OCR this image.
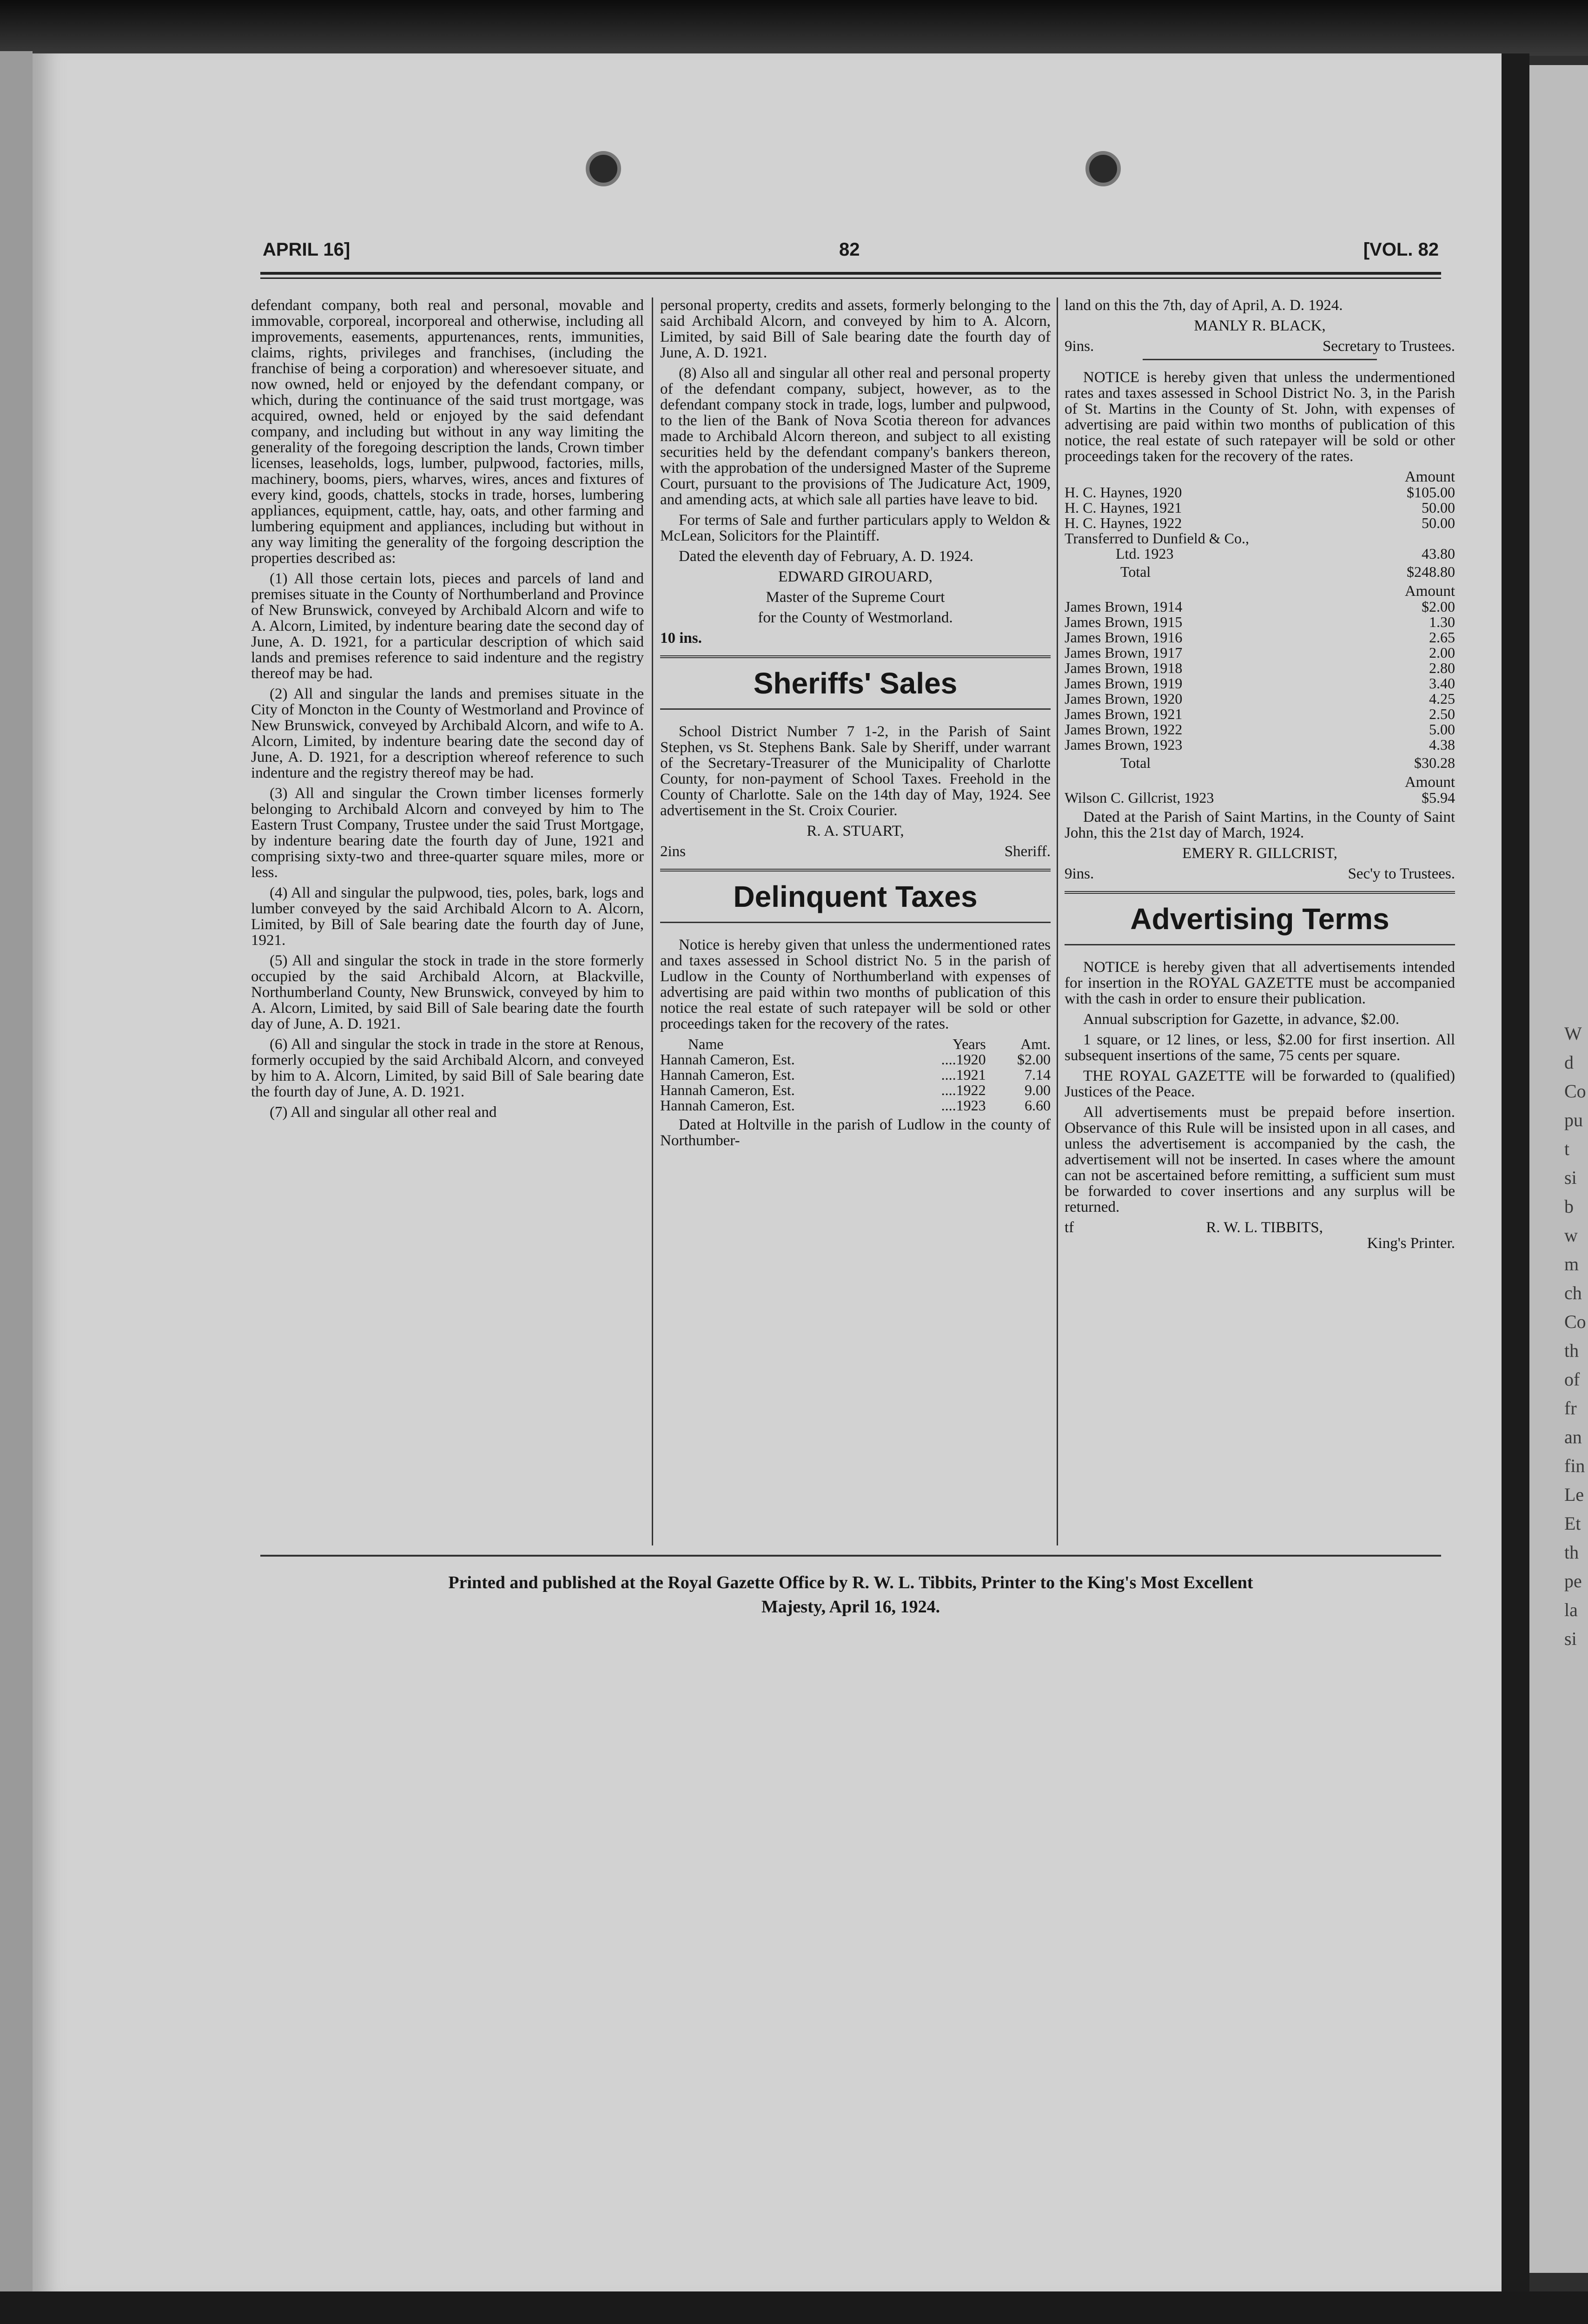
W
d
Co
pu
t
si
b
w
m
ch
Co
th
of
fr
an
fin
Le
Et
th
pe
la
si
APRIL 16]	82	[VOL. 82

defendant company, both real and personal, movable and immovable, corporeal, incorporeal and otherwise, including all improvements, easements, appurtenances, rents, immunities, claims, rights, privileges and franchises, (including the franchise of being a corporation) and wheresoever situate, and now owned, held or enjoyed by the defendant company, or which, during the continuance of the said trust mortgage, was acquired, owned, held or enjoyed by the said defendant company, and including but without in any way limiting the generality of the foregoing description the lands, Crown timber licenses, leaseholds, logs, lumber, pulpwood, factories, mills, machinery, booms, piers, wharves, wires, ances and fixtures of every kind, goods, chattels, stocks in trade, horses, lumbering appliances, equipment, cattle, hay, oats, and other farming and lumbering equipment and appliances, including but without in any way limiting the generality of the forgoing description the properties described as:

(1) All those certain lots, pieces and parcels of land and premises situate in the County of Northumberland and Province of New Brunswick, conveyed by Archibald Alcorn and wife to A. Alcorn, Limited, by indenture bearing date the second day of June, A. D. 1921, for a particular description of which said lands and premises reference to said indenture and the registry thereof may be had.

(2) All and singular the lands and premises situate in the City of Moncton in the County of Westmorland and Province of New Brunswick, conveyed by Archibald Alcorn, and wife to A. Alcorn, Limited, by indenture bearing date the second day of June, A. D. 1921, for a description whereof reference to such indenture and the registry thereof may be had.

(3) All and singular the Crown timber licenses formerly belonging to Archibald Alcorn and conveyed by him to The Eastern Trust Company, Trustee under the said Trust Mortgage, by indenture bearing date the fourth day of June, 1921 and comprising sixty-two and three-quarter square miles, more or less.

(4) All and singular the pulpwood, ties, poles, bark, logs and lumber conveyed by the said Archibald Alcorn to A. Alcorn, Limited, by Bill of Sale bearing date the fourth day of June, 1921.

(5) All and singular the stock in trade in the store formerly occupied by the said Archibald Alcorn, at Blackville, Northumberland County, New Brunswick, conveyed by him to A. Alcorn, Limited, by said Bill of Sale bearing date the fourth day of June, A. D. 1921.

(6) All and singular the stock in trade in the store at Renous, formerly occupied by the said Archibald Alcorn, and conveyed by him to A. Alcorn, Limited, by said Bill of Sale bearing date the fourth day of June, A. D. 1921.

(7) All and singular all other real and

personal property, credits and assets, formerly belonging to the said Archibald Alcorn, and conveyed by him to A. Alcorn, Limited, by said Bill of Sale bearing date the fourth day of June, A. D. 1921.

(8) Also all and singular all other real and personal property of the defendant company, subject, however, as to the defendant company stock in trade, logs, lumber and pulpwood, to the lien of the Bank of Nova Scotia thereon for advances made to Archibald Alcorn thereon, and subject to all existing securities held by the defendant company's bankers thereon, with the approbation of the undersigned Master of the Supreme Court, pursuant to the provisions of The Judicature Act, 1909, and amending acts, at which sale all parties have leave to bid.

For terms of Sale and further particulars apply to Weldon & McLean, Solicitors for the Plaintiff.

Dated the eleventh day of February, A. D. 1924.

EDWARD GIROUARD,

Master of the Supreme Court

for the County of Westmorland.

10 ins.

Sheriffs' Sales

School District Number 7 1-2, in the Parish of Saint Stephen, vs St. Stephens Bank. Sale by Sheriff, under warrant of the Secretary-Treasurer of the Municipality of Charlotte County, for non-payment of School Taxes. Freehold in the County of Charlotte. Sale on the 14th day of May, 1924. See advertisement in the St. Croix Courier.

R. A. STUART,

2ins	Sheriff.

Delinquent Taxes

Notice is hereby given that unless the undermentioned rates and taxes assessed in School district No. 5 in the parish of Ludlow in the County of Northumberland with expenses of advertising are paid within two months of publication of this notice the real estate of such ratepayer will be sold or other proceedings taken for the recovery of the rates.

Name	Years	Amt.
Hannah Cameron, Est.	....1920	$2.00
Hannah Cameron, Est.	....1921	7.14
Hannah Cameron, Est.	....1922	9.00
Hannah Cameron, Est.	....1923	6.60

Dated at Holtville in the parish of Ludlow in the county of Northumber-

land on this the 7th, day of April, A. D. 1924.

MANLY R. BLACK,

9ins.	Secretary to Trustees.

NOTICE is hereby given that unless the undermentioned rates and taxes assessed in School District No. 3, in the Parish of St. Martins in the County of St. John, with expenses of advertising are paid within two months of publication of this notice, the real estate of such ratepayer will be sold or other proceedings taken for the recovery of the rates.

Amount

H. C. Haynes, 1920	$105.00
H. C. Haynes, 1921	50.00
H. C. Haynes, 1922	50.00
Transferred to Dunfield & Co.,	
Ltd. 1923	43.80
Total	$248.80

Amount

James Brown, 1914	$2.00
James Brown, 1915	1.30
James Brown, 1916	2.65
James Brown, 1917	2.00
James Brown, 1918	2.80
James Brown, 1919	3.40
James Brown, 1920	4.25
James Brown, 1921	2.50
James Brown, 1922	5.00
James Brown, 1923	4.38
Total	$30.28

Amount

Wilson C. Gillcrist, 1923	$5.94

Dated at the Parish of Saint Martins, in the County of Saint John, this the 21st day of March, 1924.

EMERY R. GILLCRIST,

9ins.	Sec'y to Trustees.

Advertising Terms

NOTICE is hereby given that all advertisements intended for insertion in the ROYAL GAZETTE must be accompanied with the cash in order to ensure their publication.

Annual subscription for Gazette, in advance, $2.00.

1 square, or 12 lines, or less, $2.00 for first insertion. All subsequent insertions of the same, 75 cents per square.

THE ROYAL GAZETTE will be forwarded to (qualified) Justices of the Peace.

All advertisements must be prepaid before insertion. Observance of this Rule will be insisted upon in all cases, and unless the advertisement is accompanied by the cash, the advertisement will not be inserted. In cases where the amount can not be ascertained before remitting, a sufficient sum must be forwarded to cover insertions and any surplus will be returned.

tf	R. W. L. TIBBITS,

King's Printer.

Printed and published at the Royal Gazette Office by R. W. L. Tibbits, Printer to the King's Most Excellent
Majesty, April 16, 1924.
